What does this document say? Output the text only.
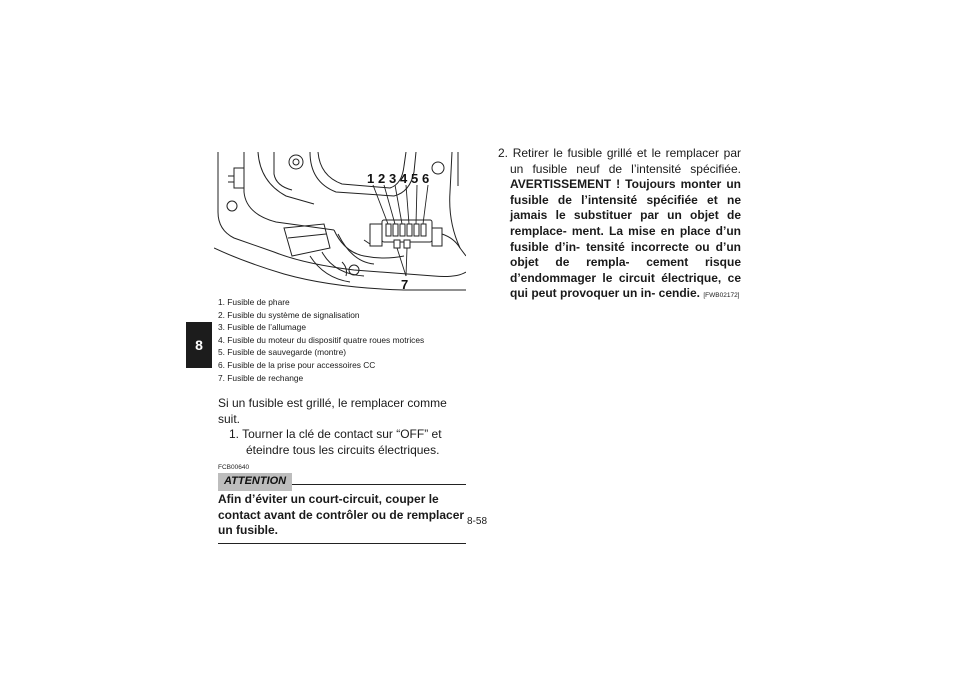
8
1 2 3 4 5 6
7
1. Fusible de phare
2. Fusible du système de signalisation
3. Fusible de l’allumage
4. Fusible du moteur du dispositif quatre roues motrices
5. Fusible de sauvegarde (montre)
6. Fusible de la prise pour accessoires CC
7. Fusible de rechange

Si un fusible est grillé, le remplacer comme suit.

1. Tourner la clé de contact sur “OFF” et éteindre tous les circuits électriques.

FCB00640
ATTENTION
Afin d’éviter un court-circuit, couper le contact avant de contrôler ou de remplacer un fusible.

2. Retirer le fusible grillé et le remplacer par un fusible neuf de l’intensité spécifiée. AVERTISSEMENT ! Toujours monter un fusible de l’intensité spécifiée et ne jamais le substituer par un objet de remplace- ment. La mise en place d’un fusible d’in- tensité incorrecte ou d’un objet de rempla- cement risque d’endommager le circuit électrique, ce qui peut provoquer un in- cendie. [FWB02172]

8-58
